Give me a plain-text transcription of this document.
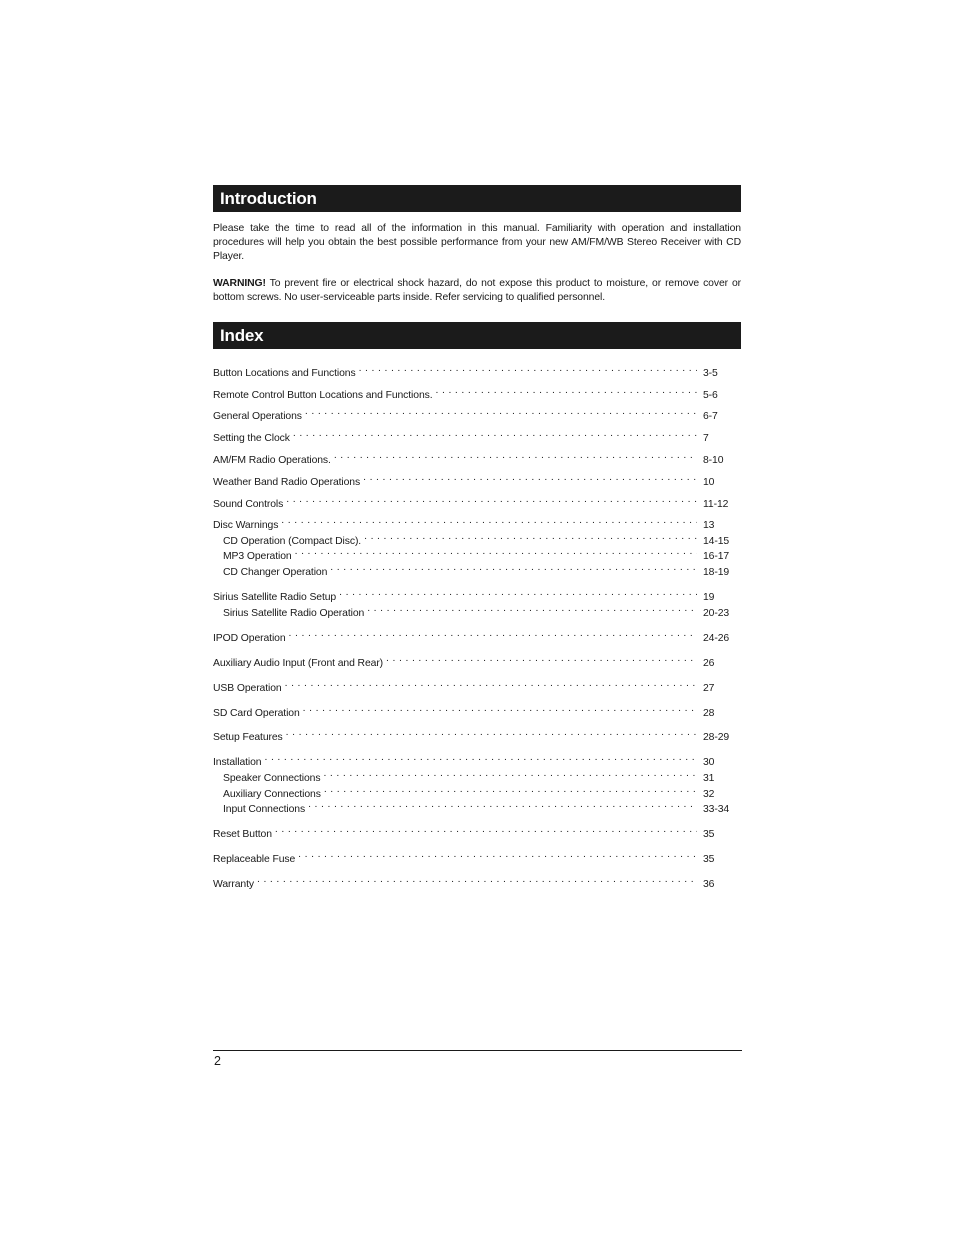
Introduction
Please take the time to read all of the information in this manual. Familiarity with operation and installation procedures will help you obtain the best possible performance from your new AM/FM/WB Stereo Receiver with CD Player.
WARNING! To prevent fire or electrical shock hazard, do not expose this product to moisture, or remove cover or bottom screws. No user-serviceable parts inside. Refer servicing to qualified personnel.
Index
Button Locations and Functions . . .	3-5
Remote Control Button Locations and Functions. . . .	5-6
General Operations . . .	6-7
Setting the Clock . . .	7
AM/FM Radio Operations. . . .	8-10
Weather Band Radio Operations . . .	10
Sound Controls . . .	11-12
Disc Warnings . . .	13
CD Operation (Compact Disc). . . .	14-15
MP3 Operation . . .	16-17
CD Changer Operation . . .	18-19
Sirius Satellite Radio Setup . . .	19
Sirius Satellite Radio Operation . . .	20-23
IPOD Operation . . .	24-26
Auxiliary Audio Input (Front and Rear) . . .	26
USB Operation . . .	27
SD Card Operation . . .	28
Setup Features . . .	28-29
Installation . . .	30
Speaker Connections . . .	31
Auxiliary Connections . . .	32
Input Connections . . .	33-34
Reset Button . . .	35
Replaceable Fuse . . .	35
Warranty . . .	36
2
